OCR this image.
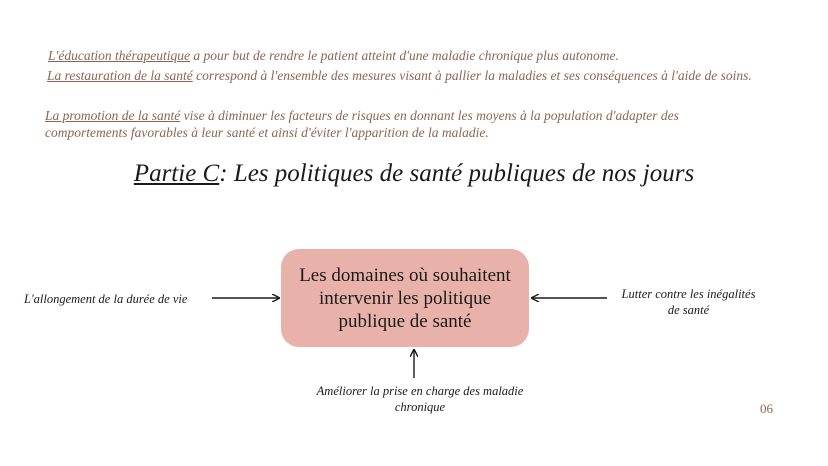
L'éducation thérapeutique a pour but de rendre le patient atteint d'une maladie chronique plus autonome.

La restauration de la santé correspond à l'ensemble des mesures visant à pallier la maladies et ses conséquences à l'aide de soins.

La promotion de la santé vise à diminuer les facteurs de risques en donnant les moyens à la population d'adapter des comportements favorables à leur santé et ainsi d'éviter l'apparition de la maladie.

Partie C: Les politiques de santé publiques de nos jours
Les domaines où souhaitent intervenir les politique publique de santé
L'allongement de la durée de vie	Lutter contre les inégalités de santé
Améliorer la prise en charge des maladie chronique	06
